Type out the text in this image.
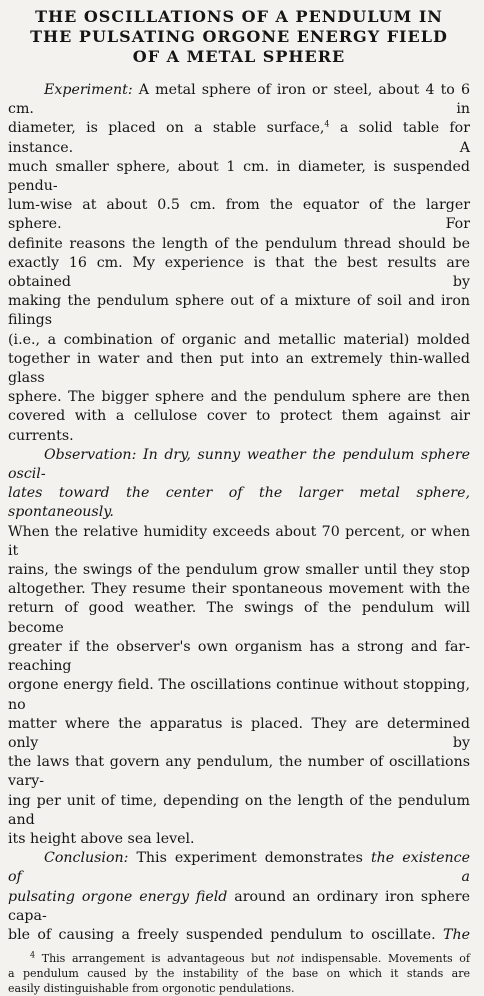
THE OSCILLATIONS OF A PENDULUM IN
THE PULSATING ORGONE ENERGY FIELD
OF A METAL SPHERE

Experiment: A metal sphere of iron or steel, about 4 to 6 cm. in
diameter, is placed on a stable surface,$^4$ a solid table for instance. A
much smaller sphere, about 1 cm. in diameter, is suspended pendu-
lum-wise at about 0.5 cm. from the equator of the larger sphere. For
definite reasons the length of the pendulum thread should be
exactly 16 cm. My experience is that the best results are obtained by
making the pendulum sphere out of a mixture of soil and iron filings
(i.e., a combination of organic and metallic material) molded
together in water and then put into an extremely thin-walled glass
sphere. The bigger sphere and the pendulum sphere are then
covered with a cellulose cover to protect them against air currents.

Observation: In dry, sunny weather the pendulum sphere oscil-
lates toward the center of the larger metal sphere, spontaneously.
When the relative humidity exceeds about 70 percent, or when it
rains, the swings of the pendulum grow smaller until they stop
altogether. They resume their spontaneous movement with the
return of good weather. The swings of the pendulum will become
greater if the observer's own organism has a strong and far-reaching
orgone energy field. The oscillations continue without stopping, no
matter where the apparatus is placed. They are determined only by
the laws that govern any pendulum, the number of oscillations vary-
ing per unit of time, depending on the length of the pendulum and
its height above sea level.

Conclusion: This experiment demonstrates the existence of a
pulsating orgone energy field around an ordinary iron sphere capa-
ble of causing a freely suspended pendulum to oscillate. The

$^4$ This arrangement is advantageous but not indispensable. Movements of
a pendulum caused by the instability of the base on which it stands are
easily distinguishable from orgonotic pendulations.
